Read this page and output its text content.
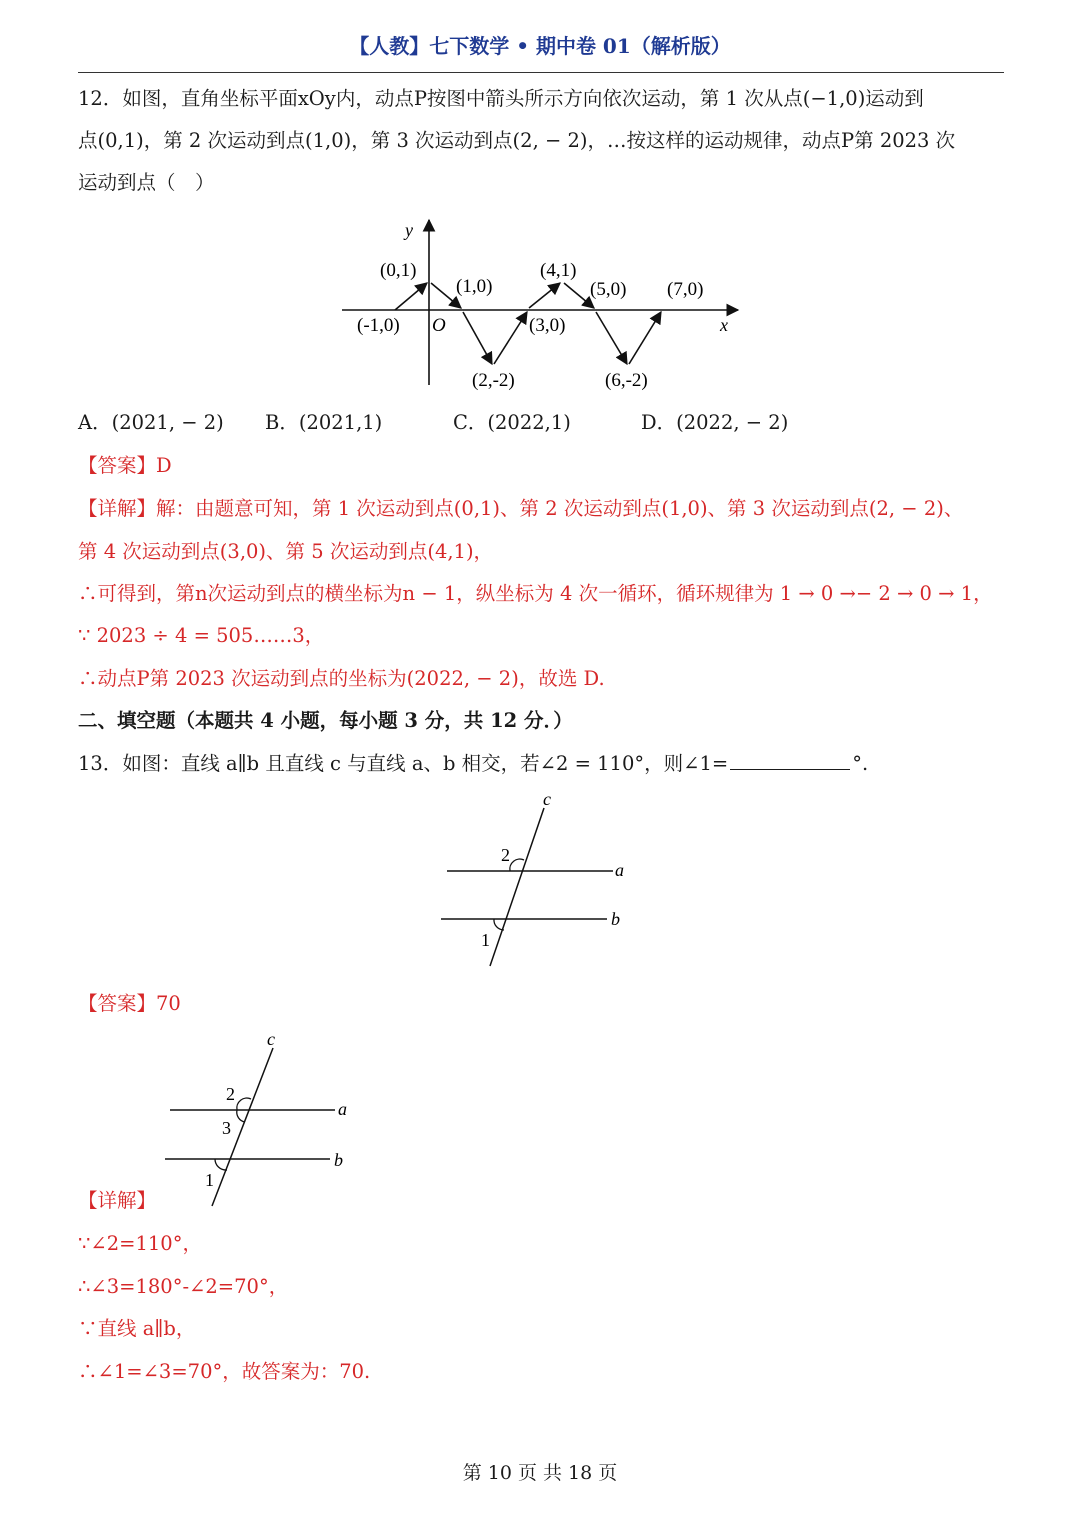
【人教】七下数学 • 期中卷 01（解析版）
12．如图，直角坐标平面xOy内，动点P按图中箭头所示方向依次运动，第 1 次从点(−1,0)运动到
点(0,1)，第 2 次运动到点(1,0)，第 3 次运动到点(2, − 2)，…按这样的运动规律，动点P第 2023 次
运动到点（　）
y
x
O
(0,1)
(1,0)
(4,1)
(5,0) (7,0)
(-1,0)	(3,0)
(2,-2)	(6,-2)
A．(2021, − 2) B．(2021,1)	C．(2022,1)	D．(2022, − 2)
【答案】D
【详解】解：由题意可知，第 1 次运动到点(0,1)、第 2 次运动到点(1,0)、第 3 次运动到点(2, − 2)、
第 4 次运动到点(3,0)、第 5 次运动到点(4,1)，
∴可得到，第n次运动到点的横坐标为n − 1，纵坐标为 4 次一循环，循环规律为 1 → 0 →− 2 → 0 → 1，
∵ 2023 ÷ 4 = 505……3，
∴动点P第 2023 次运动到点的坐标为(2022, − 2)，故选 D.
二、填空题（本题共 4 小题，每小题 3 分，共 12 分．）
13．如图：直线 a∥b 且直线 c 与直线 a、b 相交，若∠2 = 110°，则∠1=	°.
c
2
a
b
1
【答案】70
c
2
a
3
b
1
【详解】
∵∠2=110°，
∴∠3=180°-∠2=70°，
∵直线 a∥b，
∴∠1=∠3=70°，故答案为：70.
第 10 页 共 18 页
